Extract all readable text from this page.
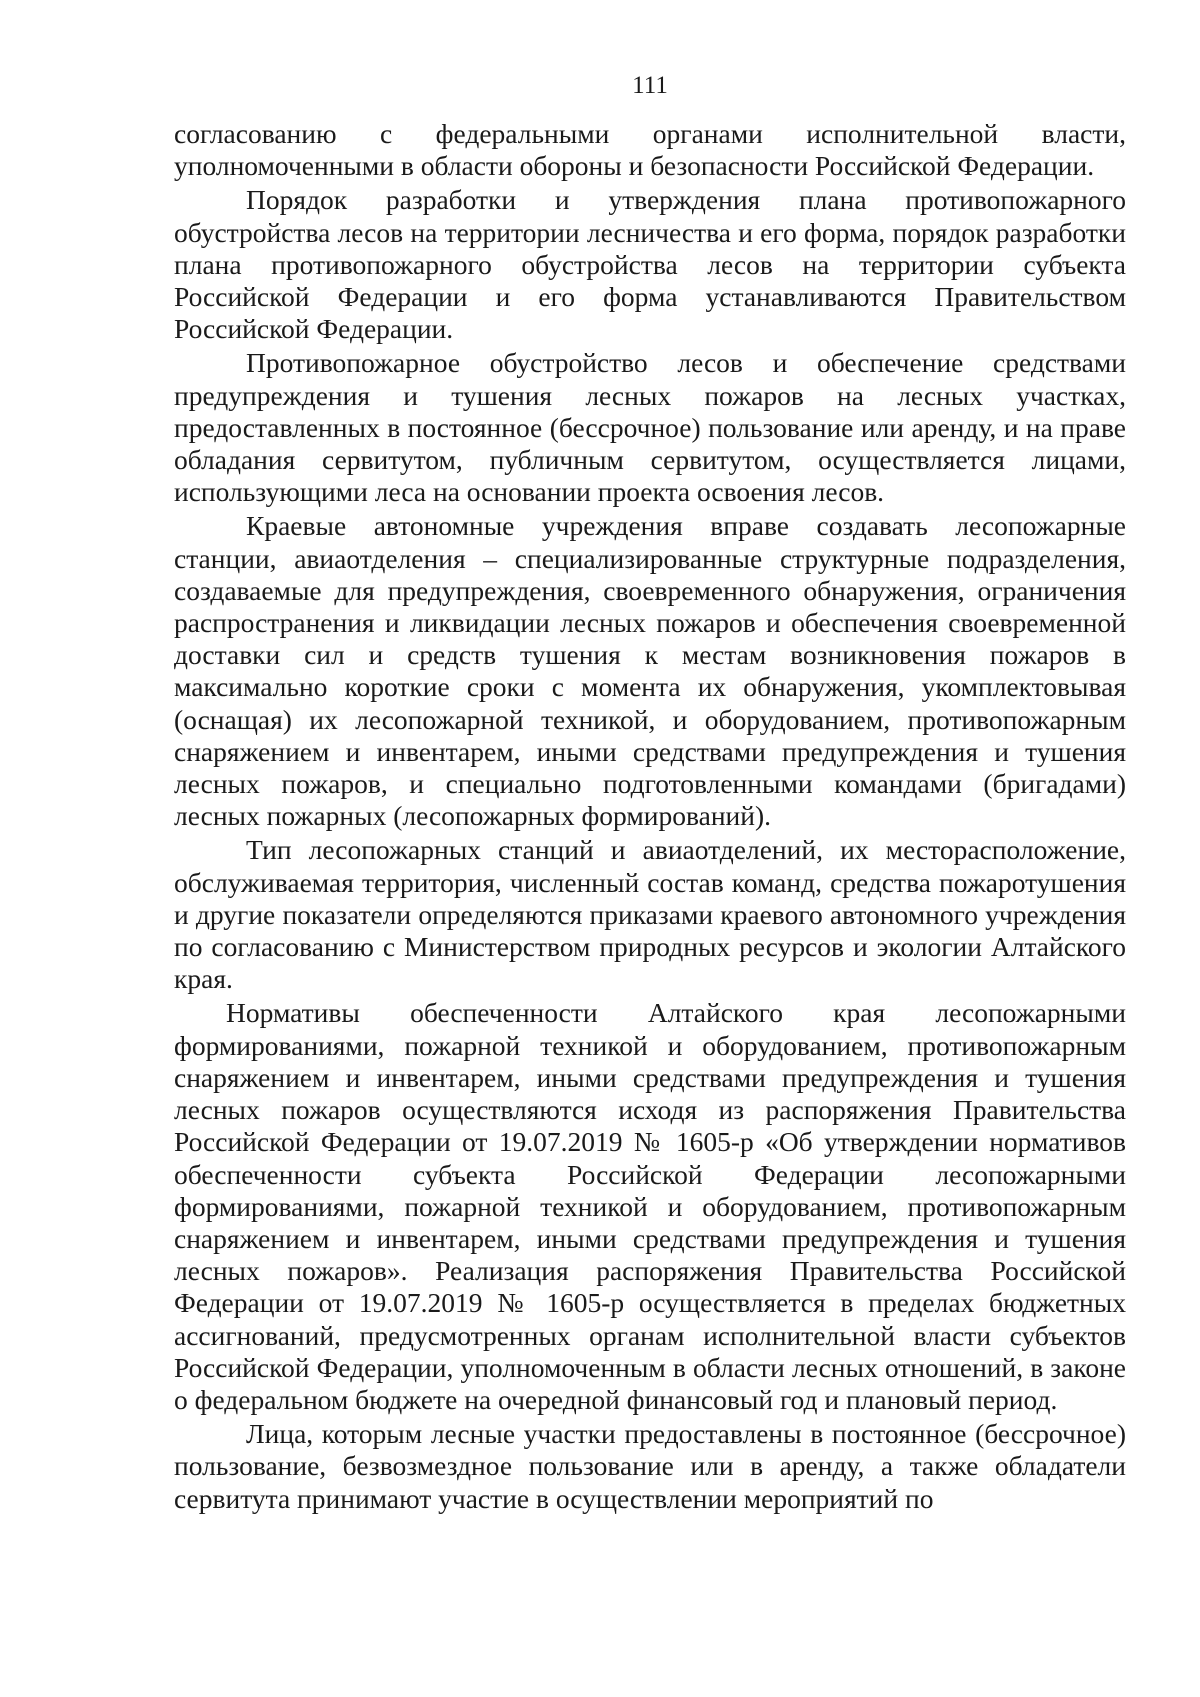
111

согласованию с федеральными органами исполнительной власти, уполномоченными в области обороны и безопасности Российской Федерации.

Порядок разработки и утверждения плана противопожарного обустройства лесов на территории лесничества и его форма, порядок разработки плана противопожарного обустройства лесов на территории субъекта Российской Федерации и его форма устанавливаются Правительством Российской Федерации.

Противопожарное обустройство лесов и обеспечение средствами предупреждения и тушения лесных пожаров на лесных участках, предоставленных в постоянное (бессрочное) пользование или аренду, и на праве обладания сервитутом, публичным сервитутом, осуществляется лицами, использующими леса на основании проекта освоения лесов.

Краевые автономные учреждения вправе создавать лесопожарные станции, авиаотделения – специализированные структурные подразделения, создаваемые для предупреждения, своевременного обнаружения, ограничения распространения и ликвидации лесных пожаров и обеспечения своевременной доставки сил и средств тушения к местам возникновения пожаров в максимально короткие сроки с момента их обнаружения, укомплектовывая (оснащая) их лесопожарной техникой, и оборудованием, противопожарным снаряжением и инвентарем, иными средствами предупреждения и тушения лесных пожаров, и специально подготовленными командами (бригадами) лесных пожарных (лесопожарных формирований).

Тип лесопожарных станций и авиаотделений, их месторасположение, обслуживаемая территория, численный состав команд, средства пожаротушения и другие показатели определяются приказами краевого автономного учреждения по согласованию с Министерством природных ресурсов и экологии Алтайского края.

Нормативы обеспеченности Алтайского края лесопожарными формированиями, пожарной техникой и оборудованием, противопожарным снаряжением и инвентарем, иными средствами предупреждения и тушения лесных пожаров осуществляются исходя из распоряжения Правительства Российской Федерации от 19.07.2019 № 1605-р «Об утверждении нормативов обеспеченности субъекта Российской Федерации лесопожарными формированиями, пожарной техникой и оборудованием, противопожарным снаряжением и инвентарем, иными средствами предупреждения и тушения лесных пожаров». Реализация распоряжения Правительства Российской Федерации от 19.07.2019 № 1605-р осуществляется в пределах бюджетных ассигнований, предусмотренных органам исполнительной власти субъектов Российской Федерации, уполномоченным в области лесных отношений, в законе о федеральном бюджете на очередной финансовый год и плановый период.

Лица, которым лесные участки предоставлены в постоянное (бессрочное) пользование, безвозмездное пользование или в аренду, а также обладатели сервитута принимают участие в осуществлении мероприятий по
